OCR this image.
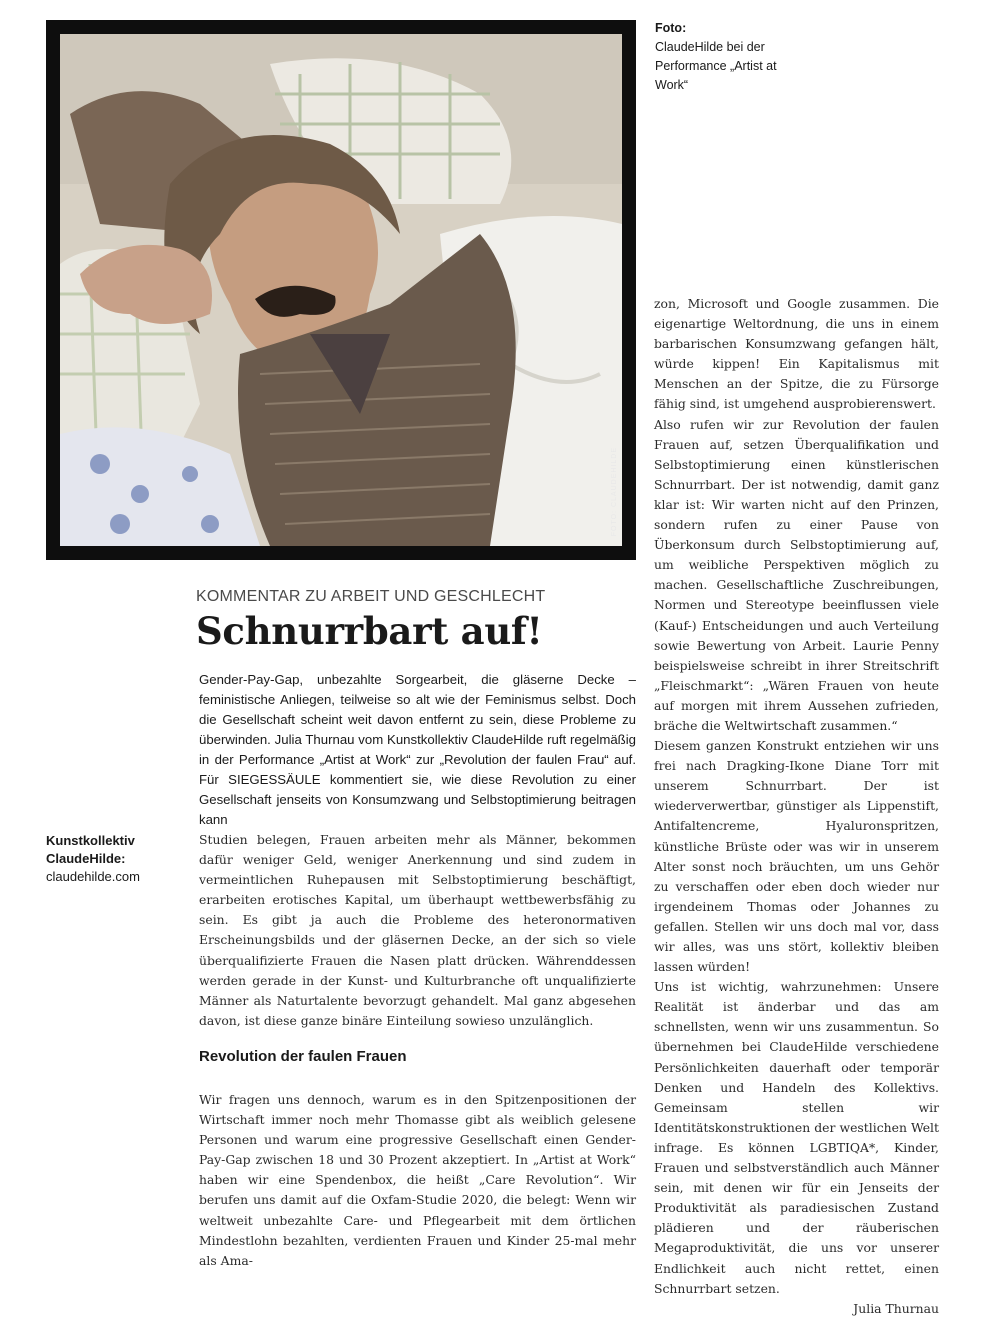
FOTO: CLAUDEHILDE
Foto:
ClaudeHilde bei der Performance „Artist at Work“
KOMMENTAR ZU ARBEIT UND GESCHLECHT
Schnurrbart auf!

Gender-Pay-Gap, unbezahlte Sorgearbeit, die gläserne Decke – feministische Anliegen, teilweise so alt wie der Feminismus selbst. Doch die Gesellschaft scheint weit davon entfernt zu sein, diese Probleme zu überwinden. Julia Thurnau vom Kunstkollektiv ClaudeHilde ruft regelmäßig in der Performance „Artist at Work“ zur „Revolution der faulen Frau“ auf. Für SIEGESSÄULE kommentiert sie, wie diese Revolution zu einer Gesellschaft jenseits von Konsumzwang und Selbstoptimierung beitragen kann

Kunstkollektiv
ClaudeHilde:
claudehilde.com

Studien belegen, Frauen arbeiten mehr als Männer, bekommen dafür weniger Geld, weniger Anerkennung und sind zudem in vermeintlichen Ruhepausen mit Selbstoptimierung beschäftigt, erarbeiten erotisches Kapital, um überhaupt wettbewerbsfähig zu sein. Es gibt ja auch die Probleme des heteronormativen Erscheinungsbilds und der gläsernen Decke, an der sich so viele überqualifizierte Frauen die Nasen platt drücken. Währenddessen werden gerade in der Kunst- und Kulturbranche oft unqualifizierte Männer als Naturtalente bevorzugt gehandelt. Mal ganz abgesehen davon, ist diese ganze binäre Einteilung sowieso unzulänglich.

Revolution der faulen Frauen

Wir fragen uns dennoch, warum es in den Spitzenpositionen der Wirtschaft immer noch mehr Thomasse gibt als weiblich gelesene Personen und warum eine progressive Gesellschaft einen Gender-Pay-Gap zwischen 18 und 30 Prozent akzeptiert. In „Artist at Work“ haben wir eine Spendenbox, die heißt „Care Revolution“. Wir berufen uns damit auf die Oxfam-Studie 2020, die belegt: Wenn wir weltweit unbezahlte Care- und Pflegearbeit mit dem örtlichen Mindestlohn bezahlten, verdienten Frauen und Kinder 25-mal mehr als Ama-

zon, Microsoft und Google zusammen. Die eigenartige Weltordnung, die uns in einem barbarischen Konsumzwang gefangen hält, würde kippen! Ein Kapitalismus mit Menschen an der Spitze, die zu Fürsorge fähig sind, ist umgehend ausprobierenswert.

Also rufen wir zur Revolution der faulen Frauen auf, setzen Überqualifikation und Selbstoptimierung einen künstlerischen Schnurrbart. Der ist notwendig, damit ganz klar ist: Wir warten nicht auf den Prinzen, sondern rufen zu einer Pause von Überkonsum durch Selbstoptimierung auf, um weibliche Perspektiven möglich zu machen. Gesellschaftliche Zuschreibungen, Normen und Stereotype beeinflussen viele (Kauf-) Entscheidungen und auch Verteilung sowie Bewertung von Arbeit. Laurie Penny beispielsweise schreibt in ihrer Streitschrift „Fleischmarkt“: „Wären Frauen von heute auf morgen mit ihrem Aussehen zufrieden, bräche die Weltwirtschaft zusammen.“

Diesem ganzen Konstrukt entziehen wir uns frei nach Dragking-Ikone Diane Torr mit unserem Schnurrbart. Der ist wiederverwertbar, günstiger als Lippenstift, Antifaltencreme, Hyaluronspritzen, künstliche Brüste oder was wir in unserem Alter sonst noch bräuchten, um uns Gehör zu verschaffen oder eben doch wieder nur irgendeinem Thomas oder Johannes zu gefallen. Stellen wir uns doch mal vor, dass wir alles, was uns stört, kollektiv bleiben lassen würden!

Uns ist wichtig, wahrzunehmen: Unsere Realität ist änderbar und das am schnellsten, wenn wir uns zusammentun. So übernehmen bei ClaudeHilde verschiedene Persönlichkeiten dauerhaft oder temporär Denken und Handeln des Kollektivs. Gemeinsam stellen wir Identitätskonstruktionen der westlichen Welt infrage. Es können LGBTIQA*, Kinder, Frauen und selbstverständlich auch Männer sein, mit denen wir für ein Jenseits der Produktivität als paradiesischen Zustand plädieren und der räuberischen Megaproduktivität, die uns vor unserer Endlichkeit auch nicht rettet, einen Schnurrbart setzen.

Julia Thurnau
